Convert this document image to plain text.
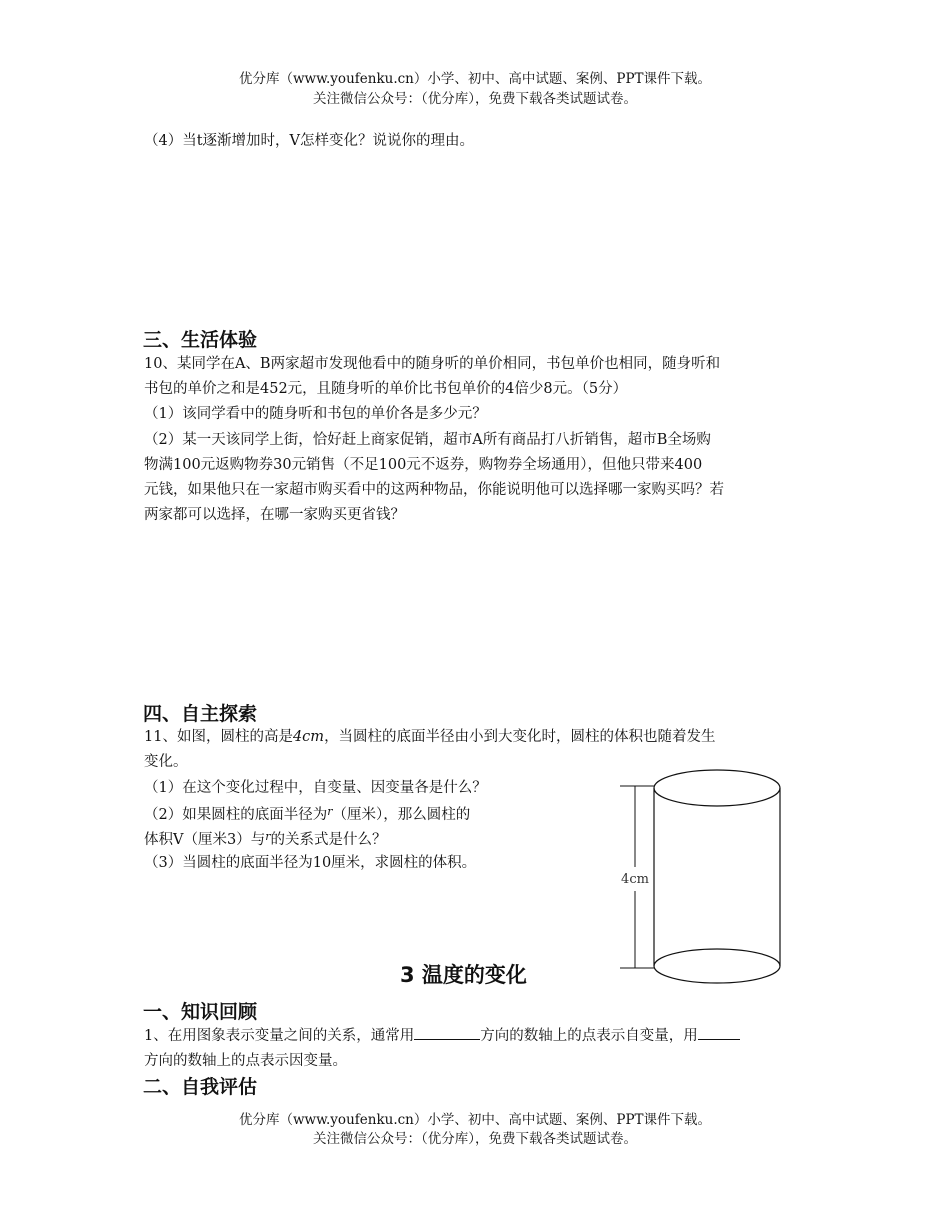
优分库（www.youfenku.cn）小学、初中、高中试题、案例、PPT课件下载。
关注微信公众号：（优分库），免费下载各类试题试卷。
（4）当t逐渐增加时，V怎样变化？说说你的理由。
三、生活体验
10、某同学在A、B两家超市发现他看中的随身听的单价相同，书包单价也相同，随身听和
书包的单价之和是452元，且随身听的单价比书包单价的4倍少8元。（5分）
（1）该同学看中的随身听和书包的单价各是多少元？
（2）某一天该同学上街，恰好赶上商家促销，超市A所有商品打八折销售，超市B全场购
物满100元返购物券30元销售（不足100元不返券，购物券全场通用），但他只带来400
元钱，如果他只在一家超市购买看中的这两种物品，你能说明他可以选择哪一家购买吗？若
两家都可以选择，在哪一家购买更省钱？
四、自主探索
11、如图，圆柱的高是4cm，当圆柱的底面半径由小到大变化时，圆柱的体积也随着发生
变化。
（1）在这个变化过程中，自变量、因变量各是什么？
（2）如果圆柱的底面半径为$^r$（厘米），那么圆柱的
体积V（厘米3）与$^r$的关系式是什么？
（3）当圆柱的底面半径为10厘米，求圆柱的体积。
4cm
3 温度的变化
一、知识回顾
1、在用图象表示变量之间的关系，通常用	方向的数轴上的点表示自变量，用
方向的数轴上的点表示因变量。
二、自我评估
优分库（www.youfenku.cn）小学、初中、高中试题、案例、PPT课件下载。
关注微信公众号：（优分库），免费下载各类试题试卷。
